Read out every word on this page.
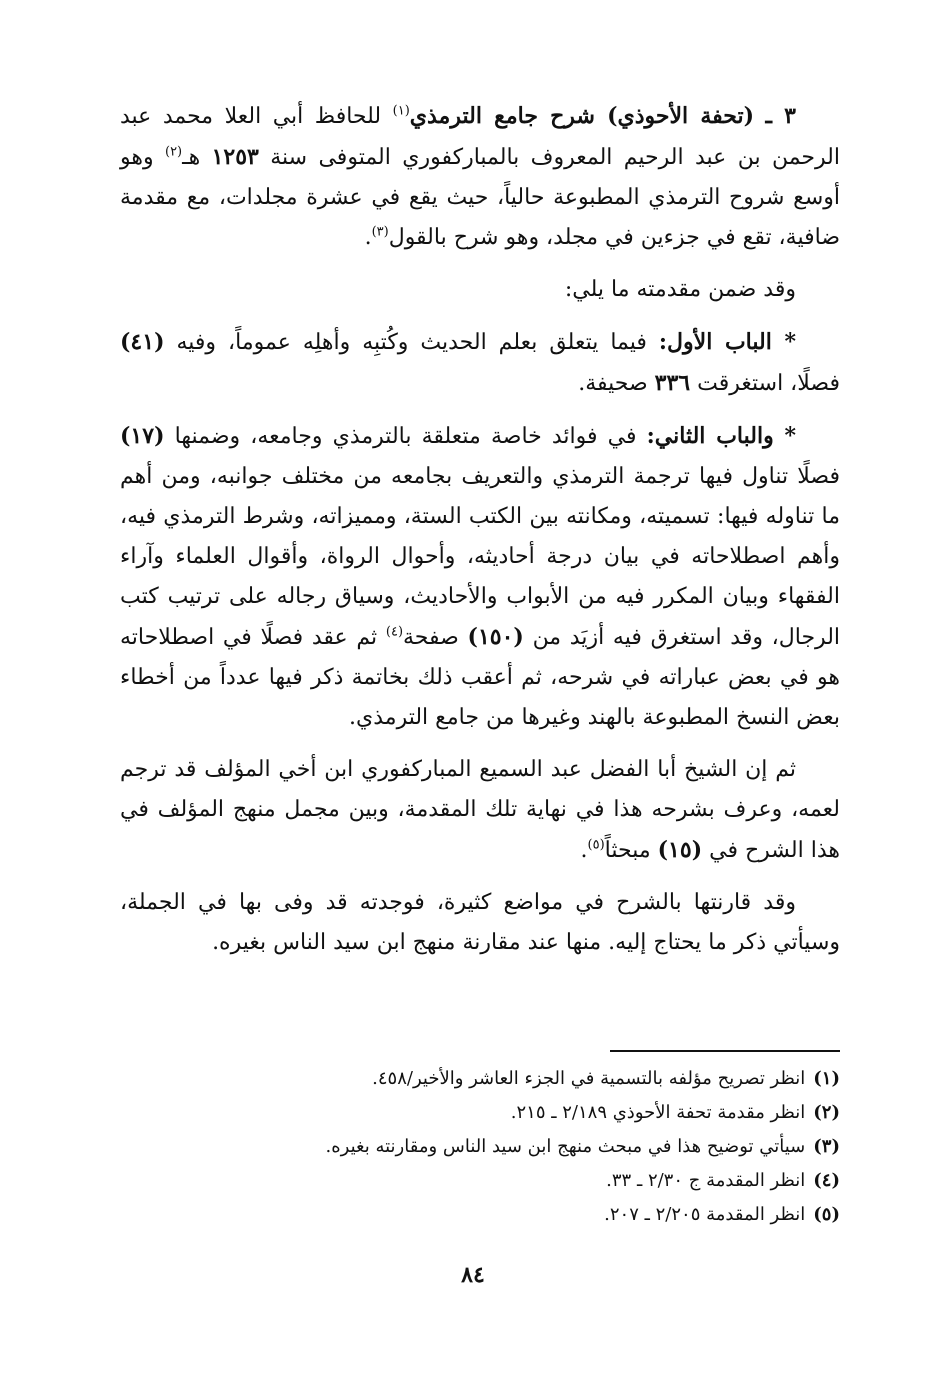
٣ ـ (تحفة الأحوذي) شرح جامع الترمذي$^{(١)}$ للحافظ أبي العلا محمد عبد الرحمن بن عبد الرحيم المعروف بالمباركفوري المتوفى سنة ١٢٥٣ هـ$^{(٢)}$ وهو أوسع شروح الترمذي المطبوعة حالياً، حيث يقع في عشرة مجلدات، مع مقدمة ضافية، تقع في جزءين في مجلد، وهو شرح بالقول$^{(٣)}$.

وقد ضمن مقدمته ما يلي:

* الباب الأول: فيما يتعلق بعلم الحديث وكُتبِه وأهلِه عموماً، وفيه (٤١) فصلًا، استغرقت ٣٣٦ صحيفة.

* والباب الثاني: في فوائد خاصة متعلقة بالترمذي وجامعه، وضمنها (١٧) فصلًا تناول فيها ترجمة الترمذي والتعريف بجامعه من مختلف جوانبه، ومن أهم ما تناوله فيها: تسميته، ومكانته بين الكتب الستة، ومميزاته، وشرط الترمذي فيه، وأهم اصطلاحاته في بيان درجة أحاديثه، وأحوال الرواة، وأقوال العلماء وآراء الفقهاء وبيان المكرر فيه من الأبواب والأحاديث، وسياق رجاله على ترتيب كتب الرجال، وقد استغرق فيه أزيَد من (١٥٠) صفحة$^{(٤)}$ ثم عقد فصلًا في اصطلاحاته هو في بعض عباراته في شرحه، ثم أعقب ذلك بخاتمة ذكر فيها عدداً من أخطاء بعض النسخ المطبوعة بالهند وغيرها من جامع الترمذي.

ثم إن الشيخ أبا الفضل عبد السميع المباركفوري ابن أخي المؤلف قد ترجم لعمه، وعرف بشرحه هذا في نهاية تلك المقدمة، وبين مجمل منهج المؤلف في هذا الشرح في (١٥) مبحثاً$^{(٥)}$.

وقد قارنتها بالشرح في مواضع كثيرة، فوجدته قد وفى بها في الجملة، وسيأتي ذكر ما يحتاج إليه. منها عند مقارنة منهج ابن سيد الناس بغيره.

(١)انظر تصريح مؤلفه بالتسمية في الجزء العاشر والأخير/٤٥٨.
(٢)انظر مقدمة تحفة الأحوذي ٢/١٨٩ ـ ٢١٥.
(٣)سيأتي توضيح هذا في مبحث منهج ابن سيد الناس ومقارنته بغيره.
(٤)انظر المقدمة ج ٢/٣٠ ـ ٣٣.
(٥)انظر المقدمة ٢/٢٠٥ ـ ٢٠٧.
٨٤
